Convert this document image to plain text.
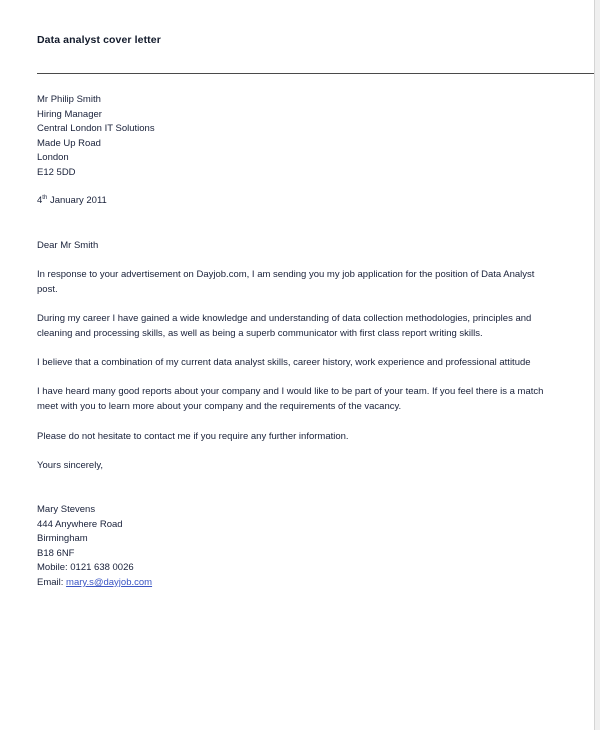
Data analyst cover letter
Mr Philip Smith
Hiring Manager
Central London IT Solutions
Made Up Road
London
E12 5DD
4th January 2011
Dear Mr Smith
In response to your advertisement on Dayjob.com, I am sending you my job application for the position of Data Analyst
post.
During my career I have gained a wide knowledge and understanding of data collection methodologies, principles and
cleaning and processing skills, as well as being a superb communicator with first class report writing skills.
I believe that a combination of my current data analyst skills, career history, work experience and professional attitude
I have heard many good reports about your company and I would like to be part of your team. If you feel there is a match
meet with you to learn more about your company and the requirements of the vacancy.
Please do not hesitate to contact me if you require any further information.
Yours sincerely,
Mary Stevens
444 Anywhere Road
Birmingham
B18 6NF
Mobile: 0121 638 0026
Email: mary.s@dayjob.com
